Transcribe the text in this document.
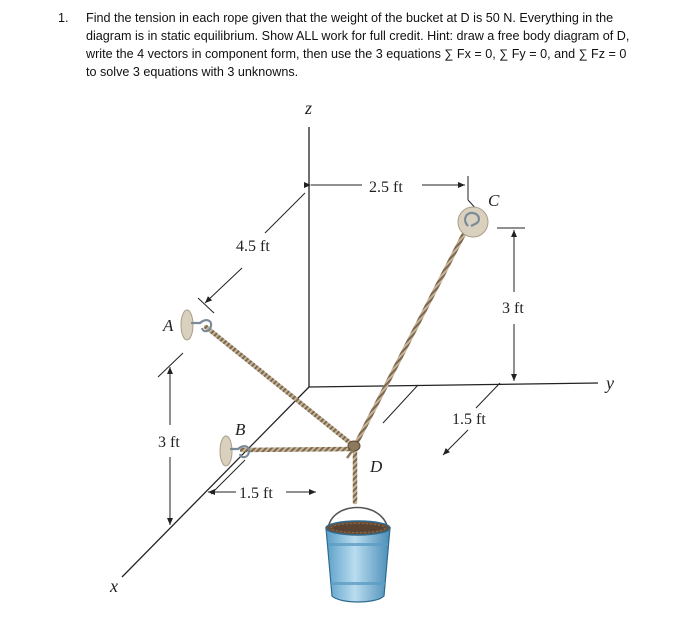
1. Find the tension in each rope given that the weight of the bucket at D is 50 N. Everything in the
diagram is in static equilibrium. Show ALL work for full credit. Hint: draw a free body diagram of D,
write the 4 vectors in component form, then use the 3 equations ∑ Fx = 0, ∑ Fy = 0, and ∑ Fz = 0
to solve 3 equations with 3 unknowns.
z
y
x
2.5 ft
4.5 ft
3 ft
1.5 ft
3 ft
1.5 ft
A
B
C
D
